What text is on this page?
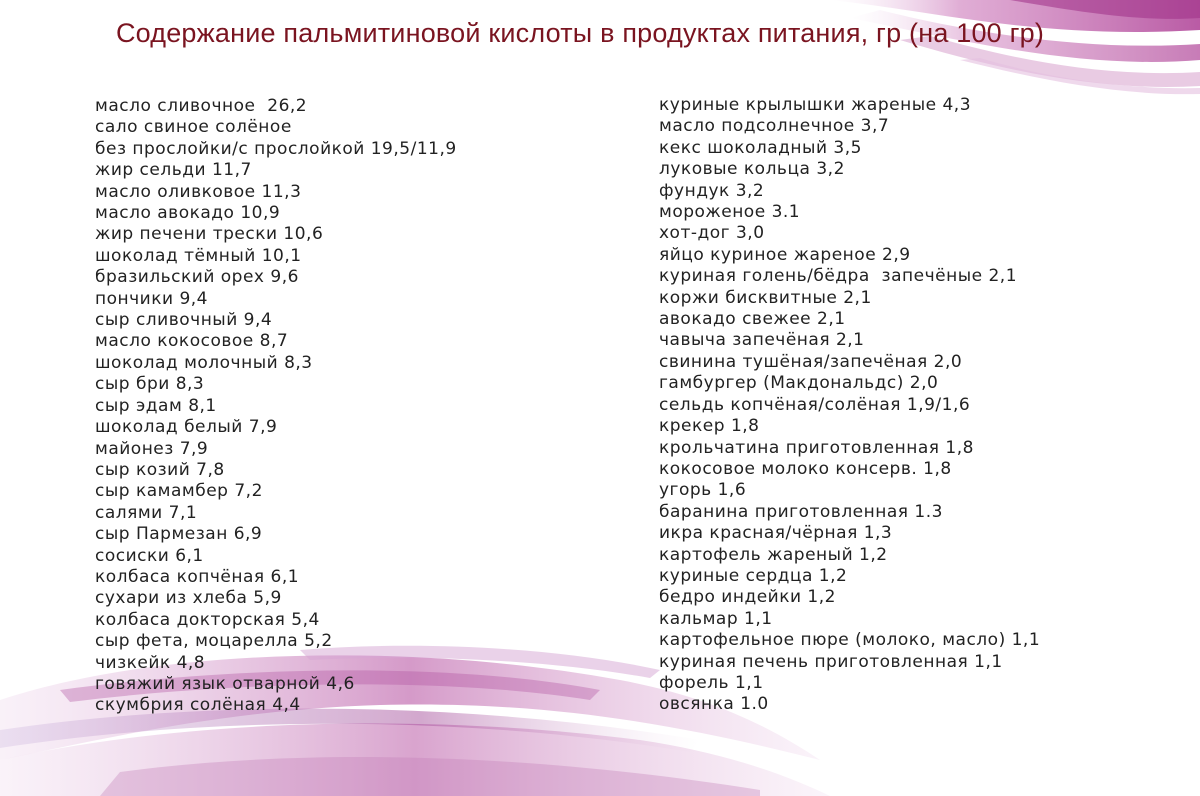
Содержание пальмитиновой кислоты в продуктах питания, гр (на 100 гр)
масло сливочное  26,2
сало свиное солёное
без прослойки/с прослойкой 19,5/11,9
жир сельди 11,7
масло оливковое 11,3
масло авокадо 10,9
жир печени трески 10,6
шоколад тёмный 10,1
бразильский орех 9,6
пончики 9,4
сыр сливочный 9,4
масло кокосовое 8,7
шоколад молочный 8,3
сыр бри 8,3
сыр эдам 8,1
шоколад белый 7,9
майонез 7,9
сыр козий 7,8
сыр камамбер 7,2
салями 7,1
сыр Пармезан 6,9
сосиски 6,1
колбаса копчёная 6,1
сухари из хлеба 5,9
колбаса докторская 5,4
сыр фета, моцарелла 5,2
чизкейк 4,8
говяжий язык отварной 4,6
скумбрия солёная 4,4
куриные крылышки жареные 4,3
масло подсолнечное 3,7
кекс шоколадный 3,5
луковые кольца 3,2
фундук 3,2
мороженое 3.1
хот-дог 3,0
яйцо куриное жареное 2,9
куриная голень/бёдра  запечёные 2,1
коржи бисквитные 2,1
авокадо свежее 2,1
чавыча запечёная 2,1
свинина тушёная/запечёная 2,0
гамбургер (Макдональдс) 2,0
сельдь копчёная/солёная 1,9/1,6
крекер 1,8
крольчатина приготовленная 1,8
кокосовое молоко консерв. 1,8
угорь 1,6
баранина приготовленная 1.3
икра красная/чёрная 1,3
картофель жареный 1,2
куриные сердца 1,2
бедро индейки 1,2
кальмар 1,1
картофельное пюре (молоко, масло) 1,1
куриная печень приготовленная 1,1
форель 1,1
овсянка 1.0
